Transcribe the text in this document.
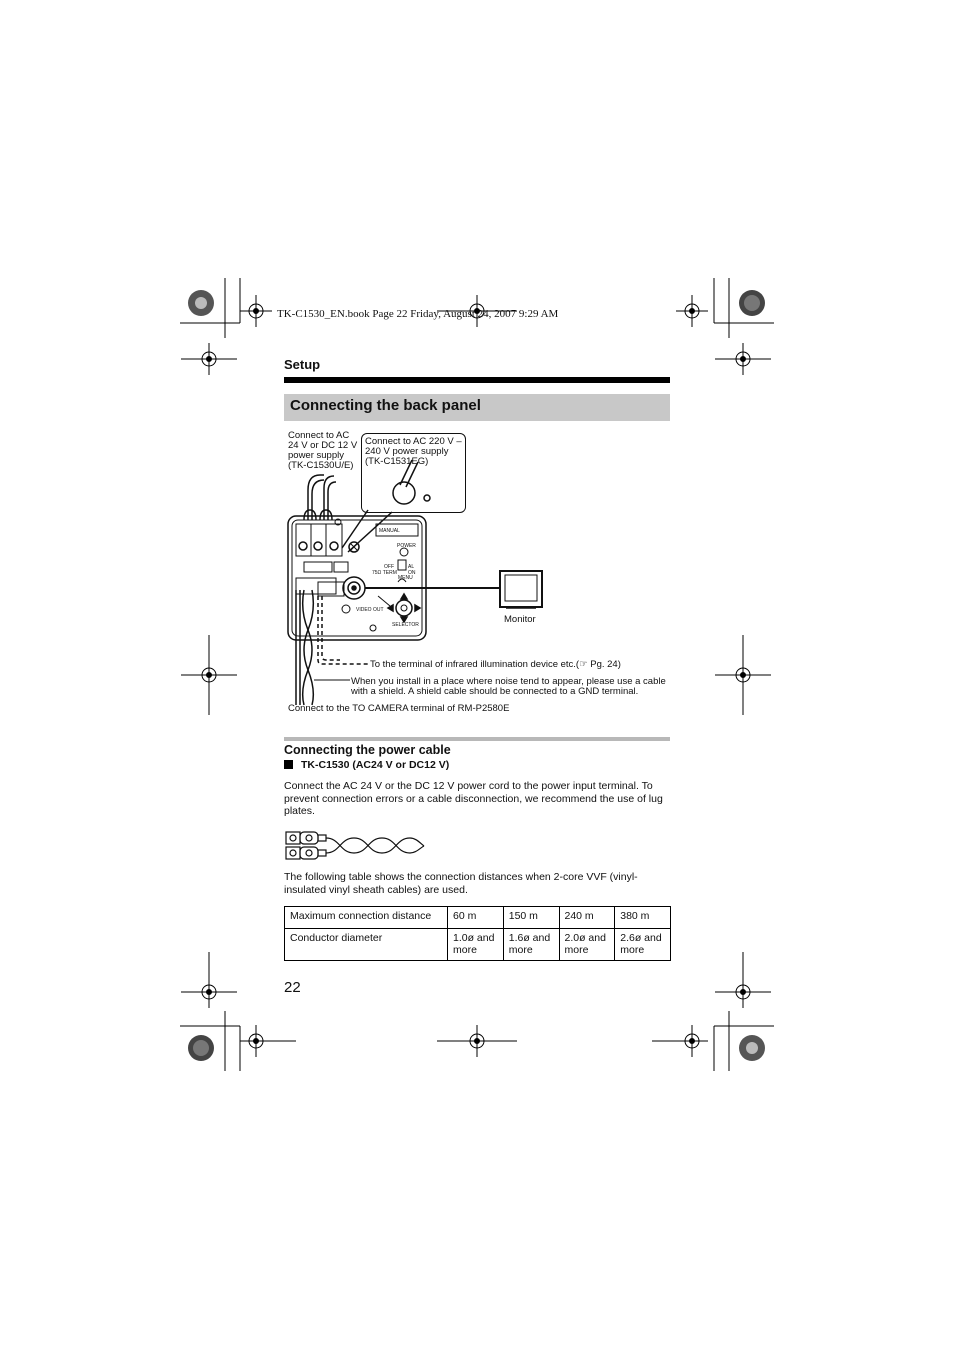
TK-C1530_EN.book Page 22 Friday, August 24, 2007 9:29 AM
Setup
Connecting the back panel
Connect to AC
24 V or DC 12 V
power supply
(TK-C1530U/E)
Connect to AC 220 V –
240 V power supply
(TK-C1531EG)
MANUAL
POWER
OFF	AL
75Ω TERM ON
MENU
VIDEO OUT
SELECTOR	Monitor
To the terminal of infrared illumination device etc.(☞ Pg. 24)
When you install in a place where noise tend to appear, please use a cable
with a shield. A shield cable should be connected to a GND terminal.
Connect to the TO CAMERA terminal of RM-P2580E
Connecting the power cable
TK-C1530 (AC24 V or DC12 V)
Connect the AC 24 V or the DC 12 V power cord to the power input terminal. To prevent connection errors or a cable disconnection, we recommend the use of lug plates.
The following table shows the connection distances when 2-core VVF (vinyl-insulated vinyl sheath cables) are used.
Maximum connection distance	60 m	150 m	240 m	380 m
Conductor diameter	1.0ø and more	1.6ø and more	2.0ø and more	2.6ø and more
22
